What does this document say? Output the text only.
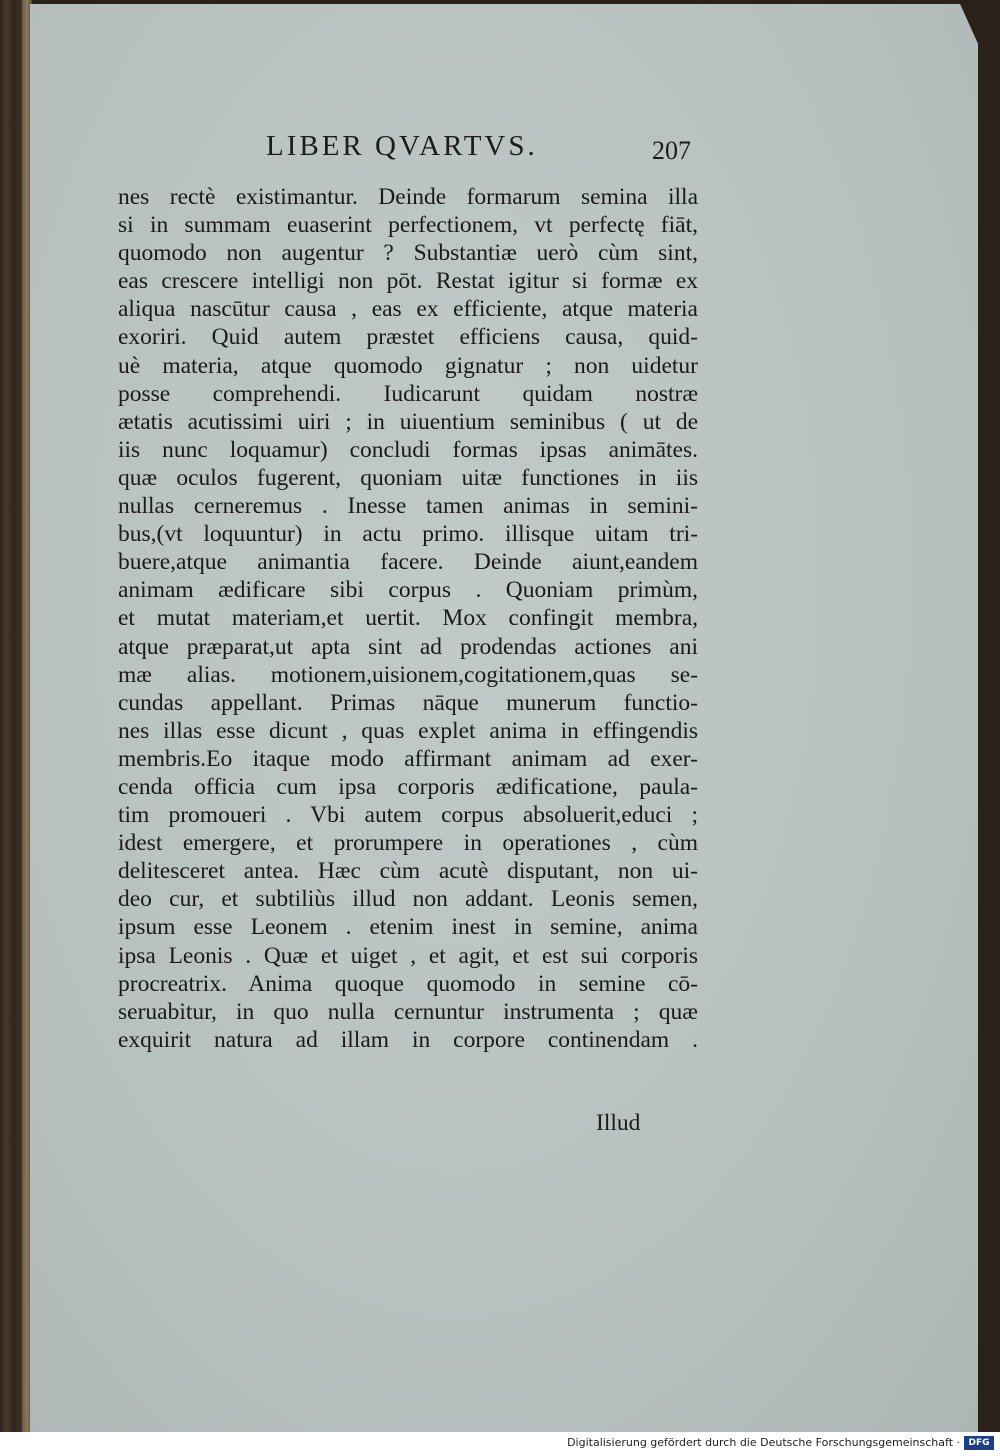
LIBER QVARTVS.	207
nes rectè existimantur. Deinde formarum semina illa
si in summam euaserint perfectionem, vt perfectę fiāt,
quomodo non augentur ? Substantiæ uerò cùm sint,
eas crescere intelligi non pōt. Restat igitur si formæ ex
aliqua nascūtur causa , eas ex efficiente, atque materia
exoriri. Quid autem præstet efficiens causa, quid-
uè materia, atque quomodo gignatur ; non uidetur
posse comprehendi. Iudicarunt quidam nostræ
ætatis acutissimi uiri ; in uiuentium seminibus ( ut de
iis nunc loquamur) concludi formas ipsas animātes.
quæ oculos fugerent, quoniam uitæ functiones in iis
nullas cerneremus . Inesse tamen animas in semini-
bus,(vt loquuntur) in actu primo. illisque uitam tri-
buere,atque animantia facere. Deinde aiunt,eandem
animam ædificare sibi corpus . Quoniam primùm,
et mutat materiam,et uertit. Mox confingit membra,
atque præparat,ut apta sint ad prodendas actiones ani
mæ alias. motionem,uisionem,cogitationem,quas se-
cundas appellant. Primas nāque munerum functio-
nes illas esse dicunt , quas explet anima in effingendis
membris.Eo itaque modo affirmant animam ad exer-
cenda officia cum ipsa corporis ædificatione, paula-
tim promoueri . Vbi autem corpus absoluerit,educi ;
idest emergere, et prorumpere in operationes , cùm
delitesceret antea. Hæc cùm acutè disputant, non ui-
deo cur, et subtiliùs illud non addant. Leonis semen,
ipsum esse Leonem . etenim inest in semine, anima
ipsa Leonis . Quæ et uiget , et agit, et est sui corporis
procreatrix. Anima quoque quomodo in semine cō-
seruabitur, in quo nulla cernuntur instrumenta ; quæ
exquirit natura ad illam in corpore continendam .
Illud
Digitalisierung gefördert durch die Deutsche Forschungsgemeinschaft · DFG
